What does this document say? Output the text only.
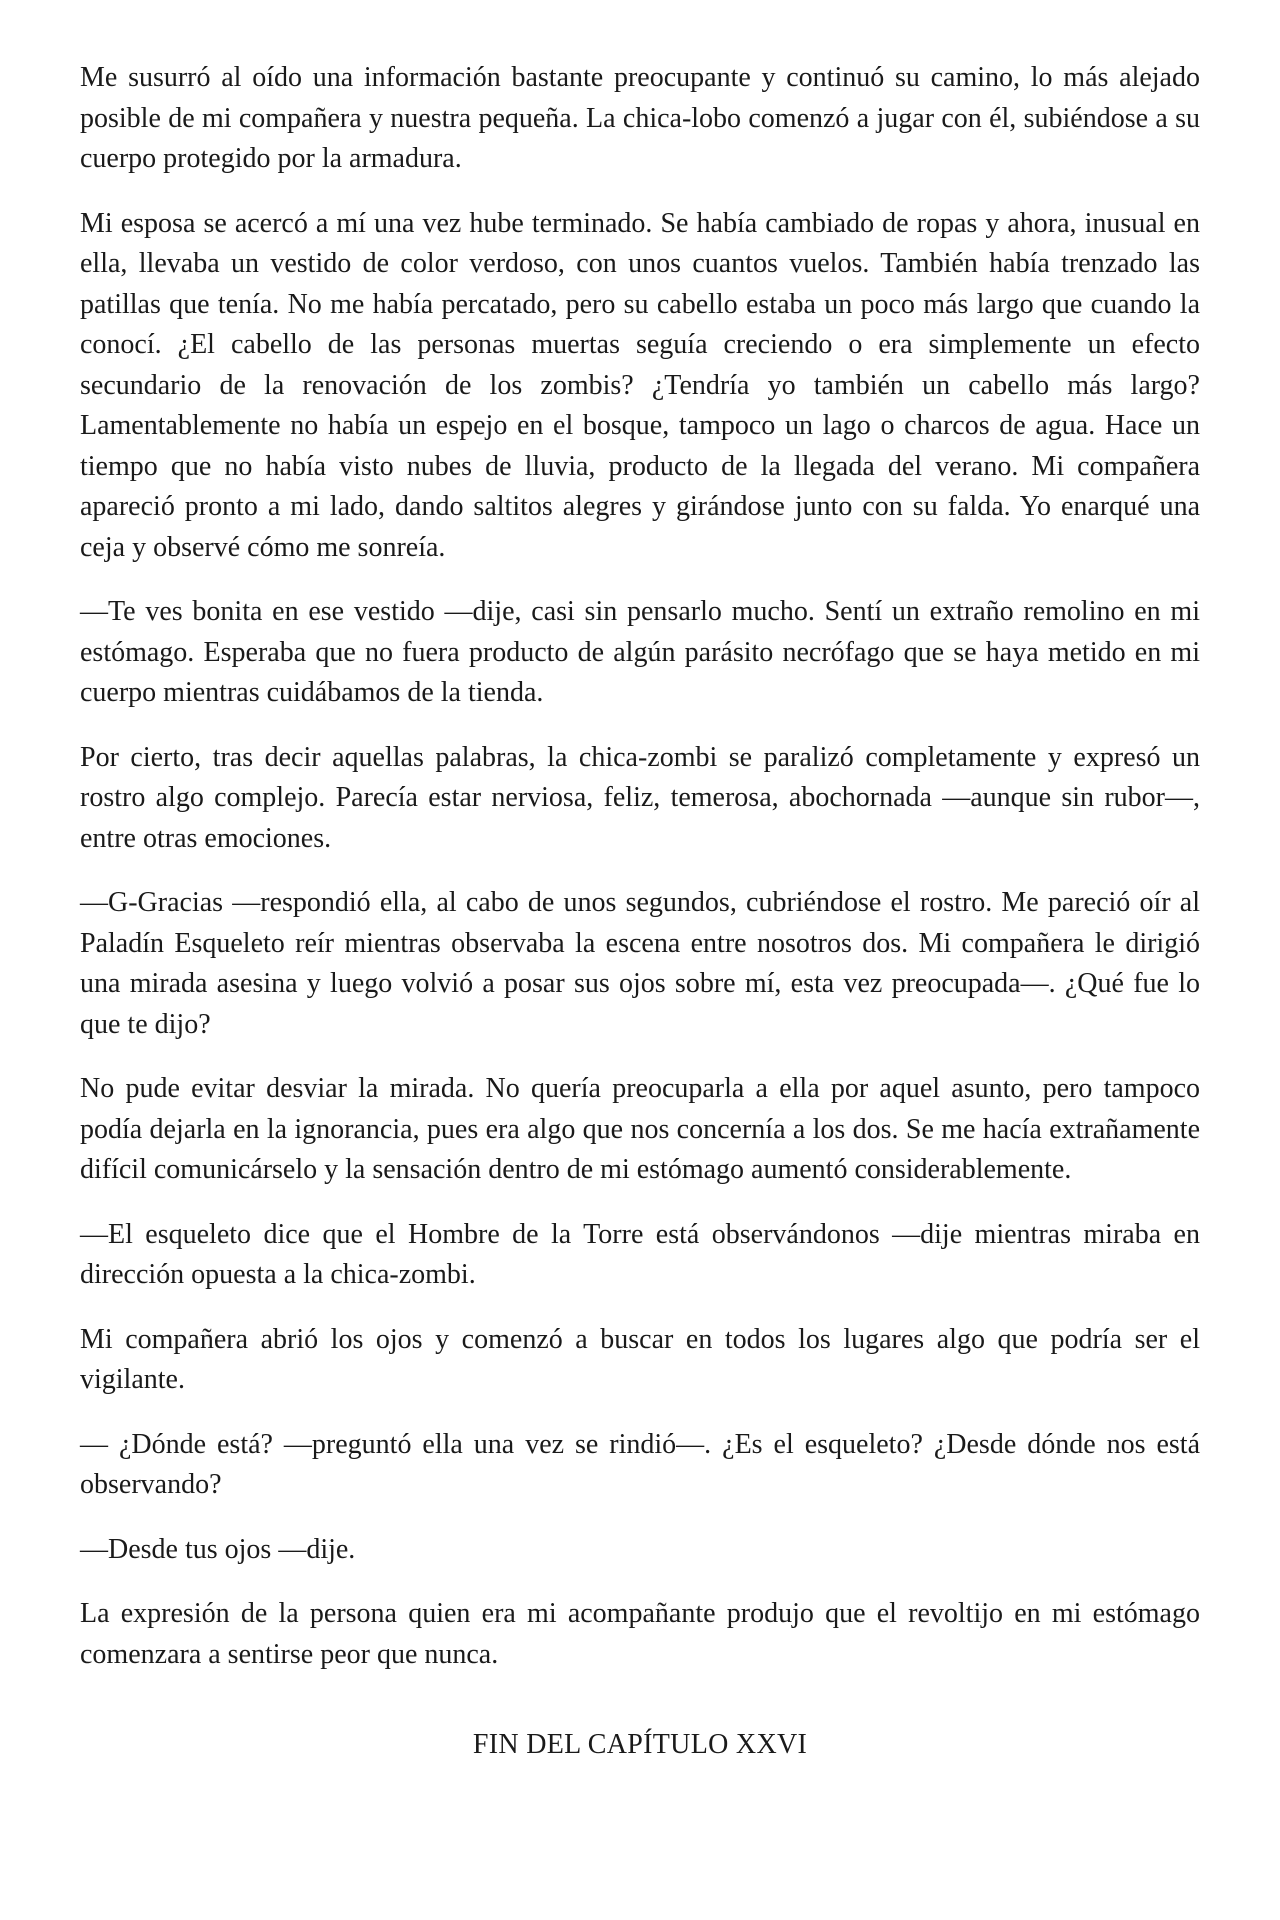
Me susurró al oído una información bastante preocupante y continuó su camino, lo más alejado posible de mi compañera y nuestra pequeña. La chica-lobo comenzó a jugar con él, subiéndose a su cuerpo protegido por la armadura.

Mi esposa se acercó a mí una vez hube terminado. Se había cambiado de ropas y ahora, inusual en ella, llevaba un vestido de color verdoso, con unos cuantos vuelos. También había trenzado las patillas que tenía. No me había percatado, pero su cabello estaba un poco más largo que cuando la conocí. ¿El cabello de las personas muertas seguía creciendo o era simplemente un efecto secundario de la renovación de los zombis? ¿Tendría yo también un cabello más largo? Lamentablemente no había un espejo en el bosque, tampoco un lago o charcos de agua. Hace un tiempo que no había visto nubes de lluvia, producto de la llegada del verano. Mi compañera apareció pronto a mi lado, dando saltitos alegres y girándose junto con su falda. Yo enarqué una ceja y observé cómo me sonreía.

—Te ves bonita en ese vestido —dije, casi sin pensarlo mucho. Sentí un extraño remolino en mi estómago. Esperaba que no fuera producto de algún parásito necrófago que se haya metido en mi cuerpo mientras cuidábamos de la tienda.

Por cierto, tras decir aquellas palabras, la chica-zombi se paralizó completamente y expresó un rostro algo complejo. Parecía estar nerviosa, feliz, temerosa, abochornada —aunque sin rubor—, entre otras emociones.

—G-Gracias —respondió ella, al cabo de unos segundos, cubriéndose el rostro. Me pareció oír al Paladín Esqueleto reír mientras observaba la escena entre nosotros dos. Mi compañera le dirigió una mirada asesina y luego volvió a posar sus ojos sobre mí, esta vez preocupada—. ¿Qué fue lo que te dijo?

No pude evitar desviar la mirada. No quería preocuparla a ella por aquel asunto, pero tampoco podía dejarla en la ignorancia, pues era algo que nos concernía a los dos. Se me hacía extrañamente difícil comunicárselo y la sensación dentro de mi estómago aumentó considerablemente.

—El esqueleto dice que el Hombre de la Torre está observándonos —dije mientras miraba en dirección opuesta a la chica-zombi.

Mi compañera abrió los ojos y comenzó a buscar en todos los lugares algo que podría ser el vigilante.

— ¿Dónde está? —preguntó ella una vez se rindió—. ¿Es el esqueleto? ¿Desde dónde nos está observando?

—Desde tus ojos —dije.

La expresión de la persona quien era mi acompañante produjo que el revoltijo en mi estómago comenzara a sentirse peor que nunca.

FIN DEL CAPÍTULO XXVI
